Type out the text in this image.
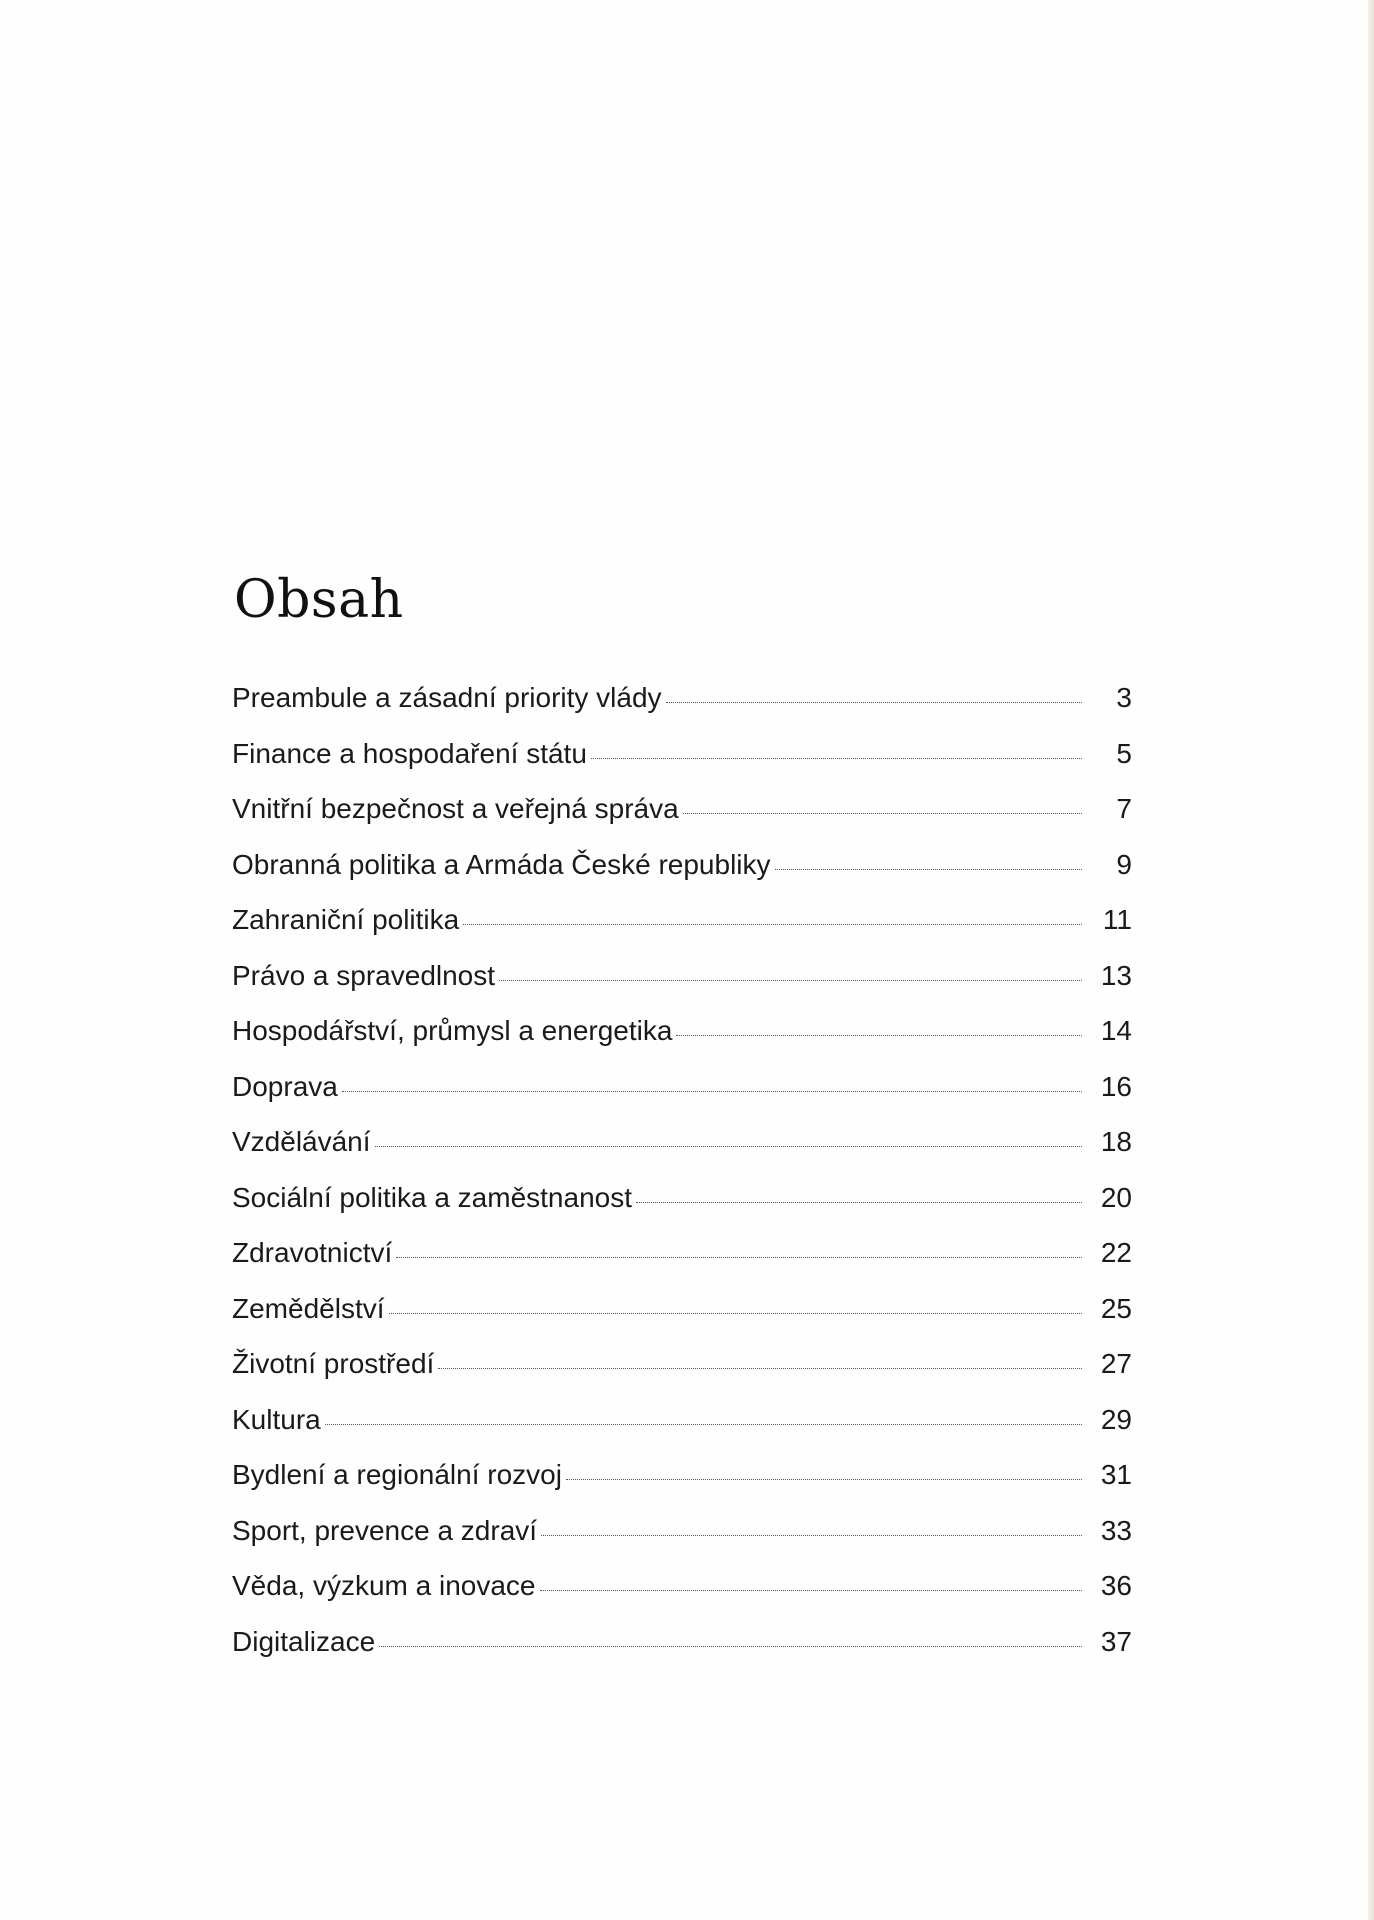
Obsah
Preambule a zásadní priority vlády	3
Finance a hospodaření státu	5
Vnitřní bezpečnost a veřejná správa	7
Obranná politika a Armáda České republiky	9
Zahraniční politika	11
Právo a spravedlnost	13
Hospodářství, průmysl a energetika	14
Doprava	16
Vzdělávání	18
Sociální politika a zaměstnanost	20
Zdravotnictví	22
Zemědělství	25
Životní prostředí	27
Kultura	29
Bydlení a regionální rozvoj	31
Sport, prevence a zdraví	33
Věda, výzkum a inovace	36
Digitalizace	37
